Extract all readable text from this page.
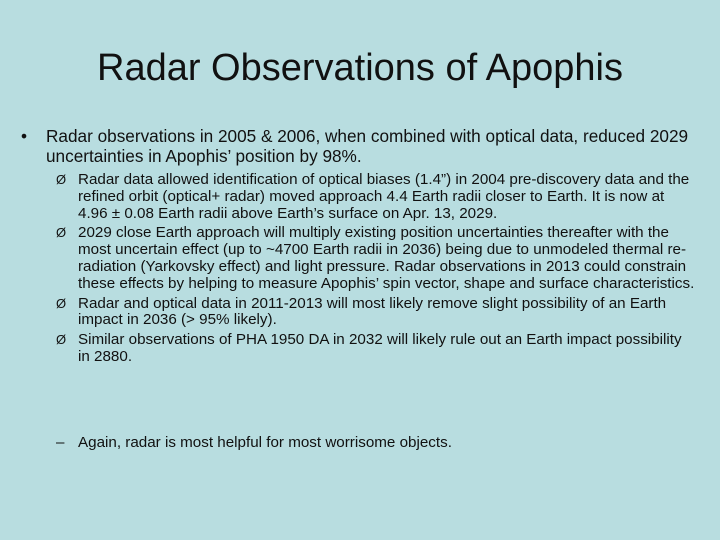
Radar Observations of Apophis
• Radar observations in 2005 & 2006, when combined with optical data, reduced 2029 uncertainties in Apophis’ position by 98%.
Ø Radar data allowed identification of optical biases (1.4”) in 2004 pre-discovery data and the refined orbit (optical+ radar) moved approach 4.4 Earth radii closer to Earth. It is now at 4.96 ± 0.08 Earth radii above Earth’s surface on Apr. 13, 2029.
Ø 2029 close Earth approach will multiply existing position uncertainties thereafter with the most uncertain effect (up to ~4700 Earth radii in 2036) being due to unmodeled thermal re-radiation (Yarkovsky effect) and light pressure. Radar observations in 2013 could constrain these effects by helping to measure Apophis’ spin vector, shape and surface characteristics.
Ø Radar and optical data in 2011-2013 will most likely remove slight possibility of an Earth impact in 2036 (> 95% likely).
Ø Similar observations of PHA 1950 DA in 2032 will likely rule out an Earth impact possibility in 2880.
– Again, radar is most helpful for most worrisome objects.
